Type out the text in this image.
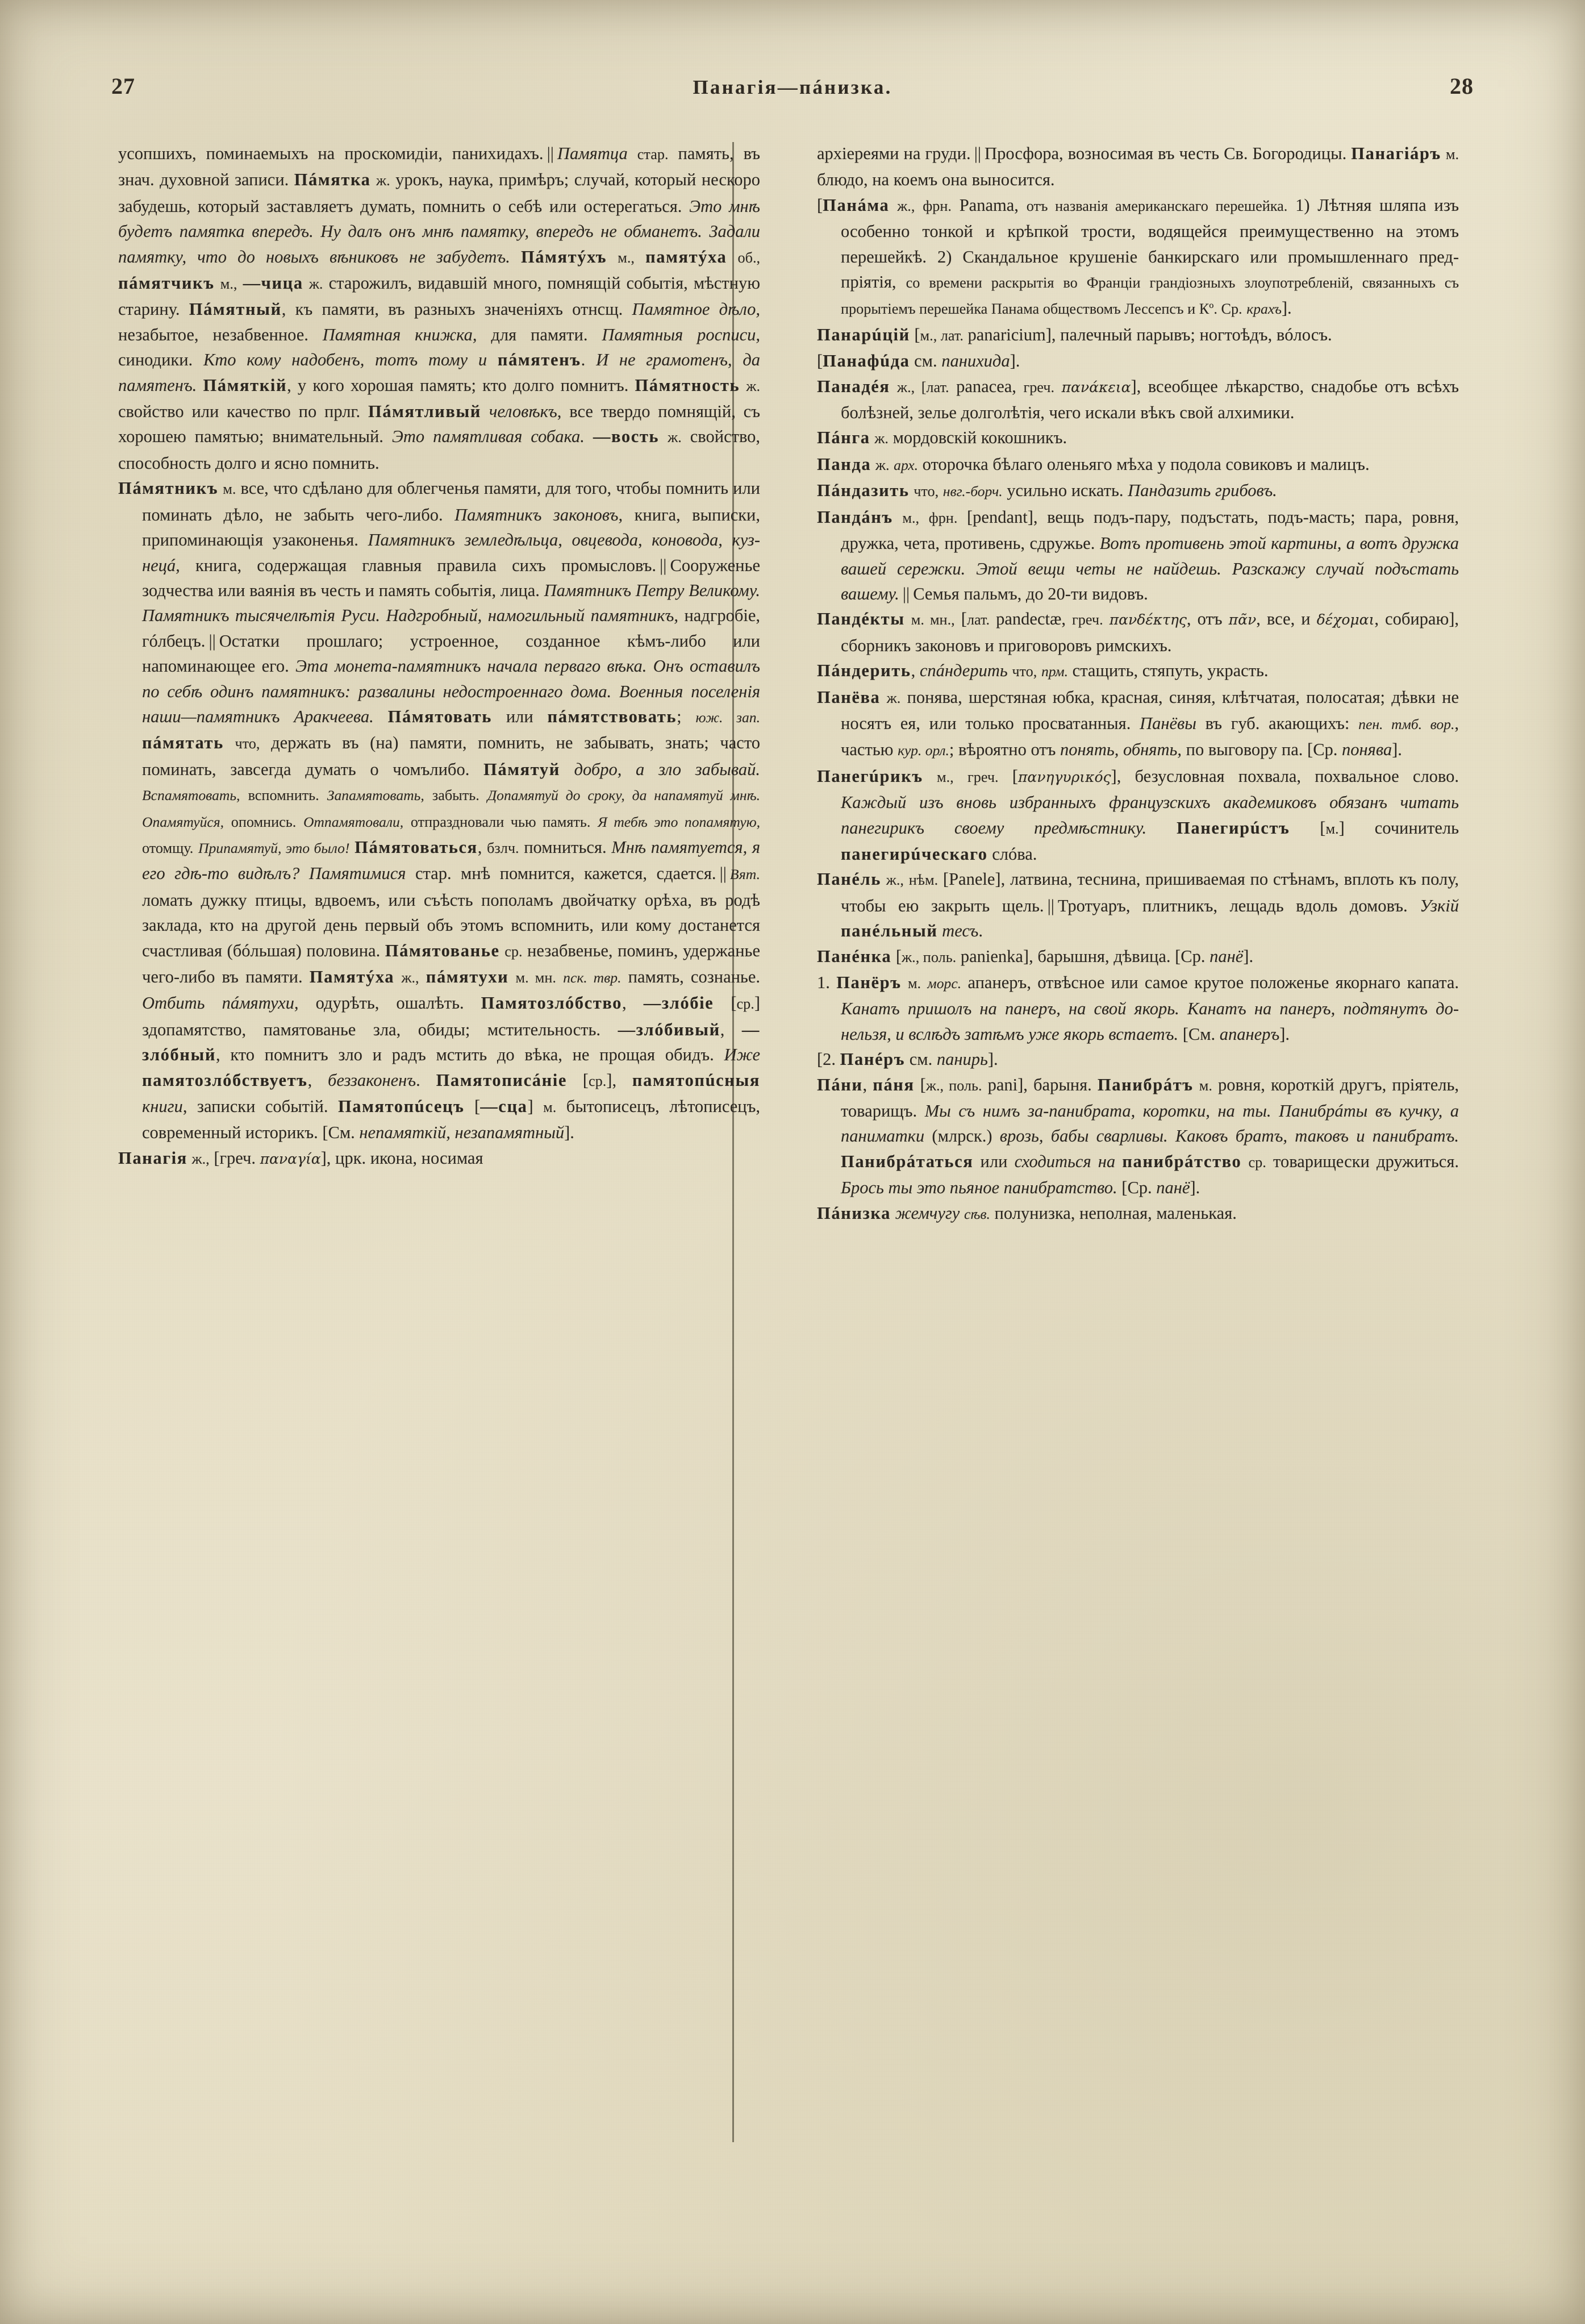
27	Панагія—пáнизка.	28

усопшихъ, поминаемыхъ на проскомидіи, панихидахъ. || Памятца стар. память, въ знач. духовной записи. Пáмятка ж. урокъ, наука, примѣръ; случай, который нескоро забудешь, который заставляетъ думать, помнить о себѣ или остерегаться. Это мнѣ будетъ памятка впередъ. Ну далъ онъ мнѣ памятку, впередъ не обманетъ. Задали памятку, что до новыхъ вѣниковъ не забудетъ. Пáмятýхъ м., памятýха об., пáмятчикъ м., —чица ж. старожилъ, видавшій много, помнящій событія, мѣстную старину. Пáмятный, къ памяти, въ разныхъ значеніяхъ отнсщ. Памятное дѣло, незабытое, незабвенное. Памятная книжка, для памяти. Памятныя росписи, синодики. Кто кому надобенъ, тотъ тому и пáмятенъ. И не грамотенъ, да памятенъ. Пáмяткій, у кого хорошая память; кто долго помнитъ. Пáмятность ж. свойство или качество по прлг. Пáмятливый человѣкъ, все твердо помнящій, съ хорошею памятью; внимательный. Это памятливая собака. —вость ж. свойство, способность долго и ясно помнить.

Пáмятникъ м. все, что сдѣлано для облегченья памяти, для того, чтобы помнить или поминать дѣло, не забыть чего-либо. Памятникъ законовъ, книга, выписки, припоминающія узаконенья. Памятникъ земледѣльца, овцевода, коновода, кузнецá, книга, содержащая главныя правила сихъ промысловъ. || Сооруженье зодчества или ваянія въ честь и память событія, лица. Памятникъ Петру Великому. Памятникъ тысячелѣтія Руси. Надгробный, намогильный памятникъ, надгробіе, гóлбецъ. || Остатки прошлаго; устроенное, созданное кѣмъ-либо или напоминающее его. Эта монета-памятникъ начала перваго вѣка. Онъ оставилъ по себѣ одинъ памятникъ: развалины недостроеннаго дома. Военныя поселенія наши—памятникъ Аракчеева. Пáмятовать или пáмятствовать; юж. зап. пáмятать что, держать въ (на) памяти, помнить, не забывать, знать; часто поминать, завсегда думать о чомълибо. Пáмятуй добро, а зло забывай. Вспамятовать, вспомнить. Запамятовать, забыть. Допамятуй до сроку, да напамятуй мнѣ. Опамятуйся, опомнись. Отпамятовали, отпраздновали чью память. Я тебѣ это попамятую, отомщу. Припамятуй, это было! Пáмятоваться, бзлч. помниться. Мнѣ памятуется, я его гдѣ-то видѣлъ? Памятимися стар. мнѣ помнится, кажется, сдается. || Вят. ломать дужку птицы, вдвоемъ, или съѣсть пополамъ двойчатку орѣха, въ родѣ заклада, кто на другой день первый объ этомъ вспомнить, или кому достанется счастливая (бóльшая) половина. Пáмятованье ср. незабвенье, поминъ, удержанье чего-либо въ памяти. Памятýха ж., пáмятухи м. мн. пск. твр. память, сознанье. Отбить пáмятухи, одурѣть, ошалѣть. Памятозлóбство, —злóбіе [ср.] здопамятство, памятованье зла, обиды; мстительность. —злóбивый, —злóбный, кто помнитъ зло и радъ мстить до вѣка, не прощая обидъ. Иже памятозлóбствуетъ, беззаконенъ. Памятописáніе [ср.], памятопúсныя книги, записки событій. Памятопúсецъ [—сца] м. бытописецъ, лѣтописецъ, современный историкъ. [См. непамяткій, незапамятный].

Панагія ж., [греч. παναγία], црк. икона, носимая

архіереями на груди. || Просфора, возносимая въ честь Св. Богородицы. Панагіáръ м. блюдо, на коемъ она выносится.

[Панáма ж., фрн. Panama, отъ названія американскаго перешейка. 1) Лѣтняя шляпа изъ особенно тонкой и крѣпкой трости, водящейся преимущественно на этомъ перешейкѣ. 2) Скандальное крушеніе банкирскаго или промышленнаго предпріятія, со времени раскрытія во Франціи грандіозныхъ злоупотребленій, связанныхъ съ прорытіемъ перешейка Панама обществомъ Лессепсъ и Кº. Ср. крахъ].

Панарúцій [м., лат. panaricium], палечный парывъ; ногтоѣдъ, вóлосъ.

[Панафúда см. панихида].

Панадéя ж., [лат. panacea, греч. πανάκεια], всеобщее лѣкарство, снадобье отъ всѣхъ болѣзней, зелье долголѣтія, чего искали вѣкъ свой алхимики.

Пáнга ж. мордовскій кокошникъ.

Панда ж. арх. оторочка бѣлаго оленьяго мѣха у подола совиковъ и малицъ.

Пáндазить что, нвг.-борч. усильно искать. Пандазить грибовъ.

Пандáнъ м., фрн. [pendant], вещь подъ-пару, подъстать, подъ-масть; пара, ровня, дружка, чета, противень, сдружье. Вотъ противень этой картины, а вотъ дружка вашей сережки. Этой вещи четы не найдешь. Разскажу случай подъстать вашему. || Семья пальмъ, до 20-ти видовъ.

Пандéкты м. мн., [лат. pandectæ, греч. πανδέκτης, отъ πᾶν, все, и δέχομαι, собираю], сборникъ законовъ и приговоровъ римскихъ.

Пáндерить, спáндерить что, прм. стащить, стяпуть, украсть.

Панёва ж. понява, шерстяная юбка, красная, синяя, клѣтчатая, полосатая; дѣвки не носятъ ея, или только просватанныя. Панёвы въ губ. акающихъ: пен. тмб. вор., частью кур. орл.; вѣроятно отъ понять, обнять, по выговору па. [Ср. понява].

Панегúрикъ м., греч. [πανηγυρικός], безусловная похвала, похвальное слово. Каждый изъ вновь избранныхъ французскихъ академиковъ обязанъ читать панегирикъ своему предмѣстнику. Панегирúстъ [м.] сочинитель панегирúческаго слóва.

Панéль ж., нѣм. [Panele], латвина, теснина, пришиваемая по стѣнамъ, вплоть къ полу, чтобы ею закрыть щель. || Тротуаръ, плитникъ, лещадь вдоль домовъ. Узкій панéльный тесъ.

Панéнка [ж., поль. panienka], барышня, дѣвица. [Ср. панё].

1. Панёръ м. морс. апанеръ, отвѣсное или самое крутое положенье якорнаго капата. Канатъ пришолъ на панеръ, на свой якорь. Канатъ на панеръ, подтянутъ до-нельзя, и вслѣдъ затѣмъ уже якорь встаетъ. [См. апанеръ].

[2. Панéръ см. панирь].

Пáни, пáня [ж., поль. pani], барыня. Панибрáтъ м. ровня, короткій другъ, пріятель, товарищъ. Мы съ нимъ за-панибрата, коротки, на ты. Панибрáты въ кучку, а паниматки (млрск.) врозь, бабы сварливы. Каковъ братъ, таковъ и панибратъ. Панибрáтаться или сходиться на панибрáтство ср. товарищески дружиться. Брось ты это пьяное панибратство. [Ср. панё].

Пáнизка жемчугу сѣв. полунизка, неполная, маленькая.
